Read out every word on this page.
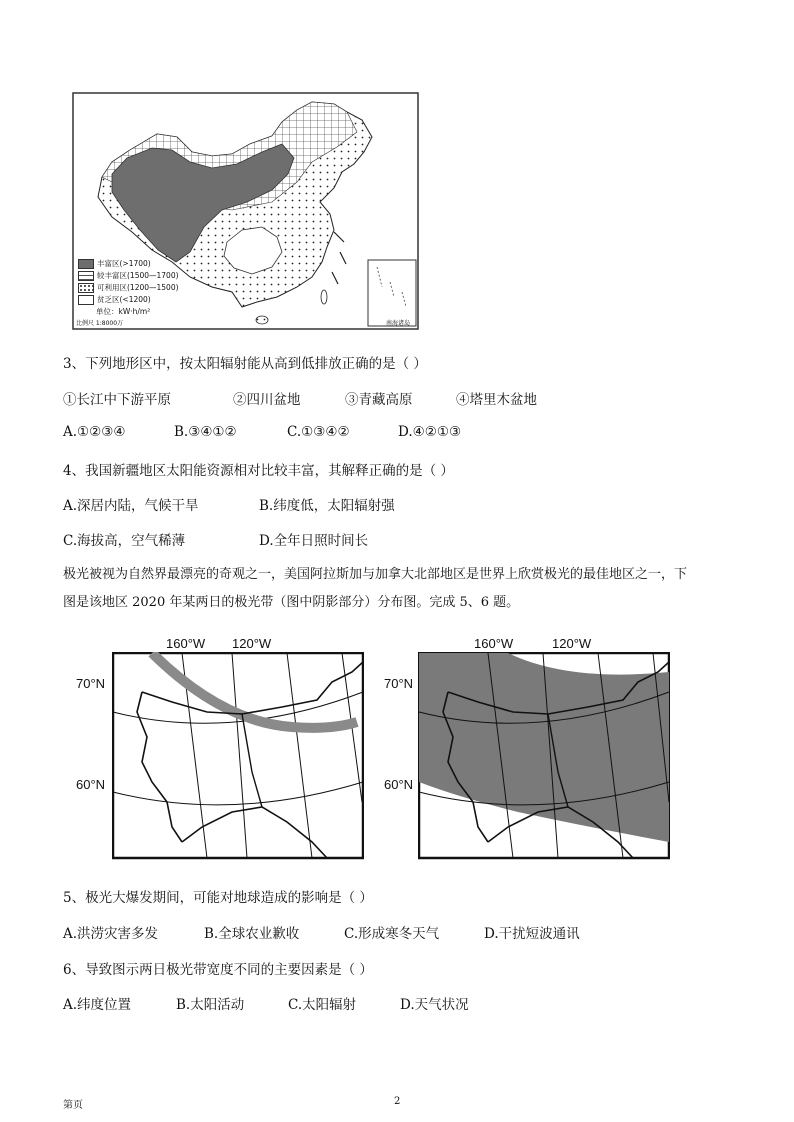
丰富区(>1700)
较丰富区(1500—1700)
可利用区(1200—1500)
贫乏区(<1200)
单位：kW·h/m²
比例尺 1:8000万	南海诸岛
3、下列地形区中，按太阳辐射能从高到低排放正确的是（ ）
①长江中下游平原	②四川盆地	③青藏高原	④塔里木盆地
A.①②③④	B.③④①②	C.①③④②	D.④②①③
4、我国新疆地区太阳能资源相对比较丰富，其解释正确的是（ ）
A.深居内陆，气候干旱	B.纬度低，太阳辐射强
C.海拔高，空气稀薄	D.全年日照时间长
极光被视为自然界最漂亮的奇观之一，美国阿拉斯加与加拿大北部地区是世界上欣赏极光的最佳地区之一，下
图是该地区 2020 年某两日的极光带（图中阴影部分）分布图。完成 5、6 题。
160°W 120°W
70°N
60°N
160°W	120°W
70°N
60°N
5、极光大爆发期间，可能对地球造成的影响是（ ）
A.洪涝灾害多发	B.全球农业歉收	C.形成寒冬天气	D.干扰短波通讯
6、导致图示两日极光带宽度不同的主要因素是（ ）
A.纬度位置	B.太阳活动	C.太阳辐射	D.天气状况
第页	2
